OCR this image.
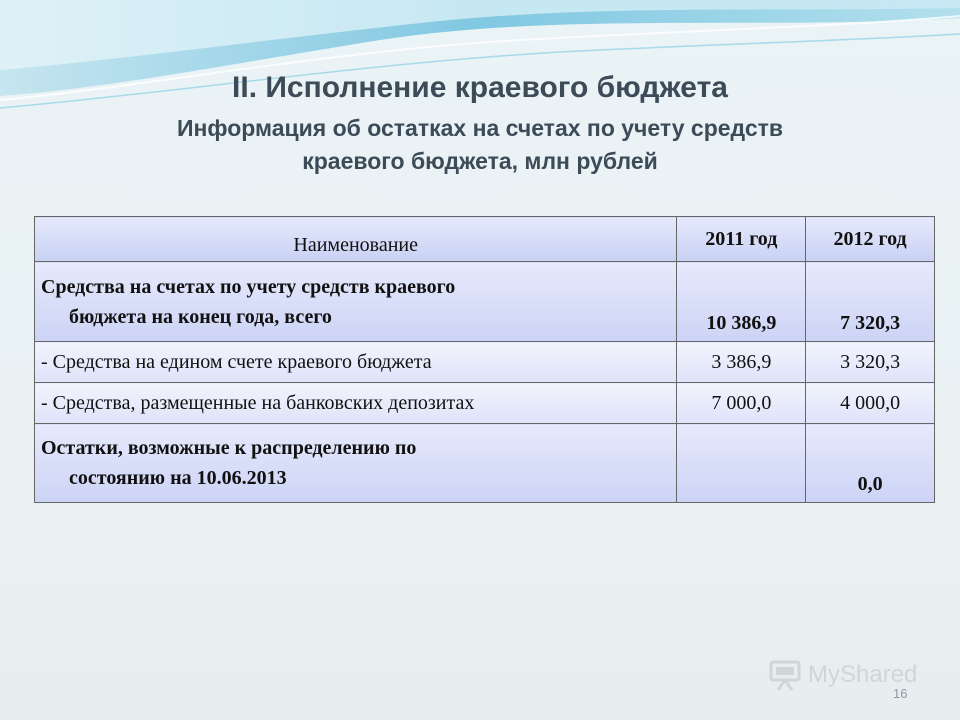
II. Исполнение краевого бюджета

Информация об остатках на счетах по учету средств

краевого бюджета, млн рублей

Наименование	2011 год	2012 год
Средства на счетах по учету средств краевого
бюджета на конец года, всего	10 386,9	7 320,3
- Средства на едином счете краевого бюджета	3 386,9	3 320,3
- Средства, размещенные на банковских депозитах	7 000,0	4 000,0
Остатки, возможные к распределению по
состоянию на 10.06.2013		0,0
MyShared
16
